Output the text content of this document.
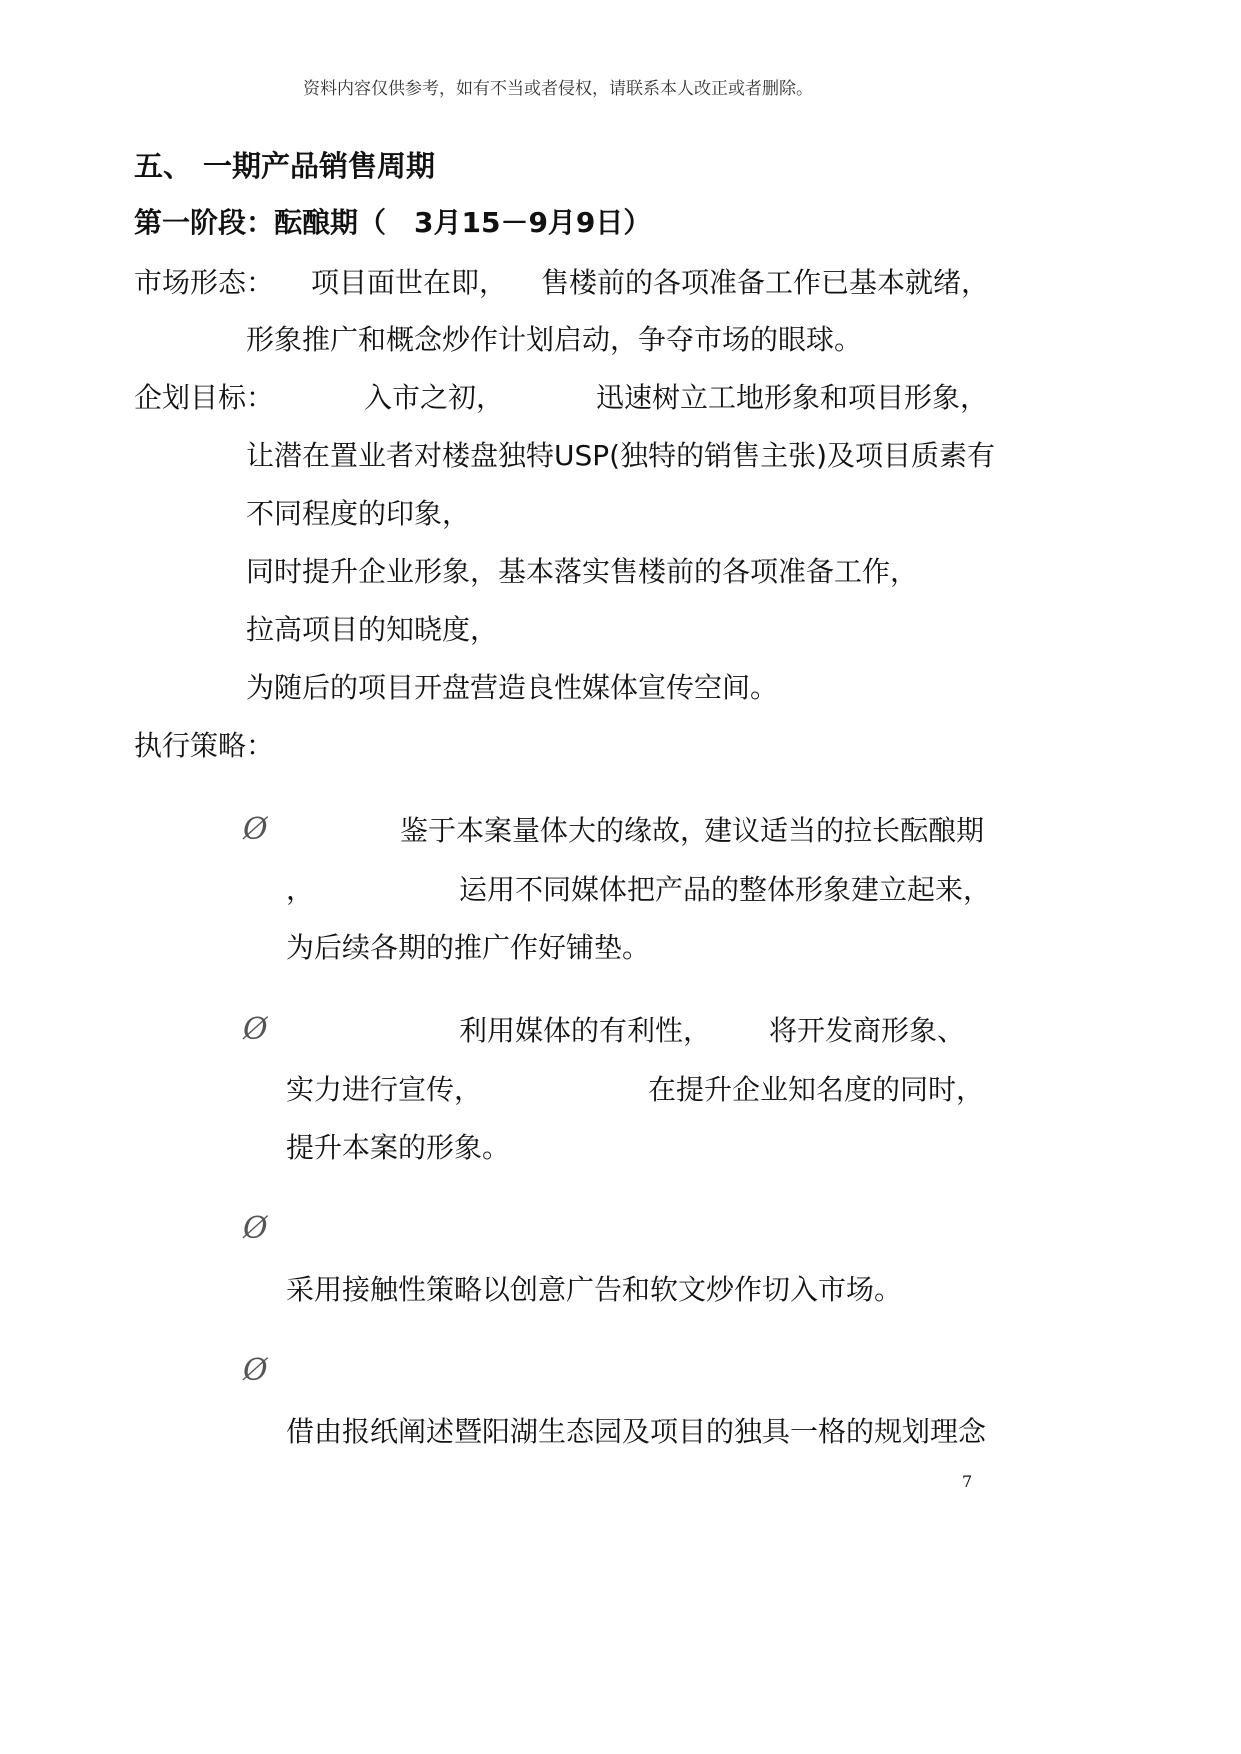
资料内容仅供参考，如有不当或者侵权，请联系本人改正或者删除。
五、 一期产品销售周期
第一阶段：酝酿期（　3月15－9月9日）
市场形态： 项目面世在即， 售楼前的各项准备工作已基本就绪，
形象推广和概念炒作计划启动，争夺市场的眼球。
企划目标：	入市之初，	迅速树立工地形象和项目形象，
让潜在置业者对楼盘独特USP(独特的销售主张)及项目质素有
不同程度的印象，
同时提升企业形象，基本落实售楼前的各项准备工作，
拉高项目的知晓度，
为随后的项目开盘营造良性媒体宣传空间。
执行策略：
Ø	鉴于本案量体大的缘故，
建议适当的拉长酝酿期
，	运用不同媒体把产品的整体形象建立起来，
为后续各期的推广作好铺垫。
Ø	利用媒体的有利性， 将开发商形象、
实力进行宣传，	在提升企业知名度的同时，
提升本案的形象。
Ø
采用接触性策略以创意广告和软文炒作切入市场。
Ø
借由报纸阐述暨阳湖生态园及项目的独具一格的规划理念
7
